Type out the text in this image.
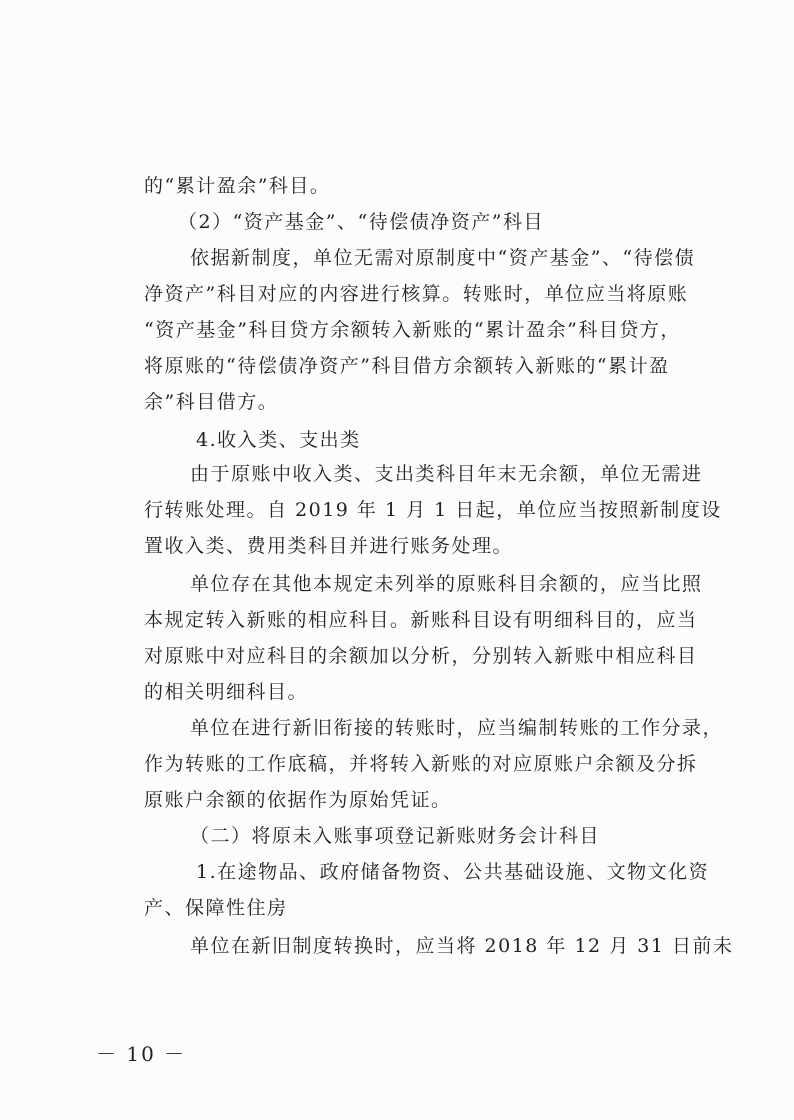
的“累计盈余”科目。
（2）“资产基金”、“待偿债净资产”科目
依据新制度，单位无需对原制度中“资产基金”、“待偿债
净资产”科目对应的内容进行核算。转账时，单位应当将原账
“资产基金”科目贷方余额转入新账的“累计盈余”科目贷方，
将原账的“待偿债净资产”科目借方余额转入新账的“累计盈
余”科目借方。
4.收入类、支出类
由于原账中收入类、支出类科目年末无余额，单位无需进
行转账处理。自 2019 年 1 月 1 日起，单位应当按照新制度设
置收入类、费用类科目并进行账务处理。
单位存在其他本规定未列举的原账科目余额的，应当比照
本规定转入新账的相应科目。新账科目设有明细科目的，应当
对原账中对应科目的余额加以分析，分别转入新账中相应科目
的相关明细科目。
单位在进行新旧衔接的转账时，应当编制转账的工作分录，
作为转账的工作底稿，并将转入新账的对应原账户余额及分拆
原账户余额的依据作为原始凭证。
（二）将原未入账事项登记新账财务会计科目
1.在途物品、政府储备物资、公共基础设施、文物文化资
产、保障性住房
单位在新旧制度转换时，应当将 2018 年 12 月 31 日前未
－ 10 －
